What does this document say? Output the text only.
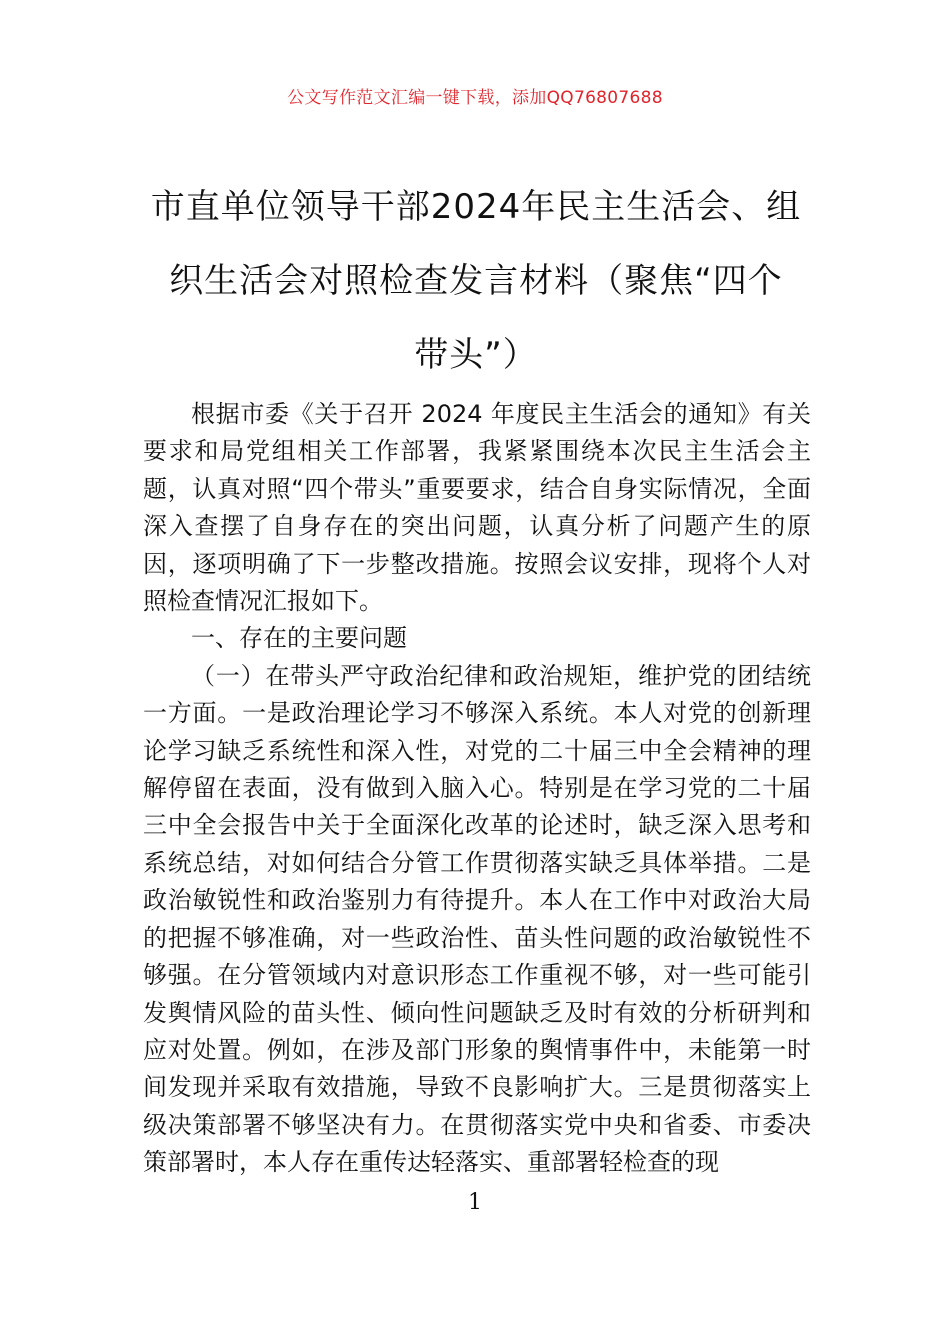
公文写作范文汇编一键下载，添加QQ76807688
市直单位领导干部2024年民主生活会、组
织生活会对照检查发言材料（聚焦“四个
带头”）

根据市委《关于召开 2024 年度民主生活会的通知》有关要求和局党组相关工作部署，我紧紧围绕本次民主生活会主题，认真对照“四个带头”重要要求，结合自身实际情况，全面深入查摆了自身存在的突出问题，认真分析了问题产生的原因，逐项明确了下一步整改措施。按照会议安排，现将个人对照检查情况汇报如下。

一、存在的主要问题

（一）在带头严守政治纪律和政治规矩，维护党的团结统一方面。一是政治理论学习不够深入系统。本人对党的创新理论学习缺乏系统性和深入性，对党的二十届三中全会精神的理解停留在表面，没有做到入脑入心。特别是在学习党的二十届三中全会报告中关于全面深化改革的论述时，缺乏深入思考和系统总结，对如何结合分管工作贯彻落实缺乏具体举措。二是政治敏锐性和政治鉴别力有待提升。本人在工作中对政治大局的把握不够准确，对一些政治性、苗头性问题的政治敏锐性不够强。在分管领域内对意识形态工作重视不够，对一些可能引发舆情风险的苗头性、倾向性问题缺乏及时有效的分析研判和应对处置。例如，在涉及部门形象的舆情事件中，未能第一时间发现并采取有效措施，导致不良影响扩大。三是贯彻落实上级决策部署不够坚决有力。在贯彻落实党中央和省委、市委决策部署时，本人存在重传达轻落实、重部署轻检查的现

1
